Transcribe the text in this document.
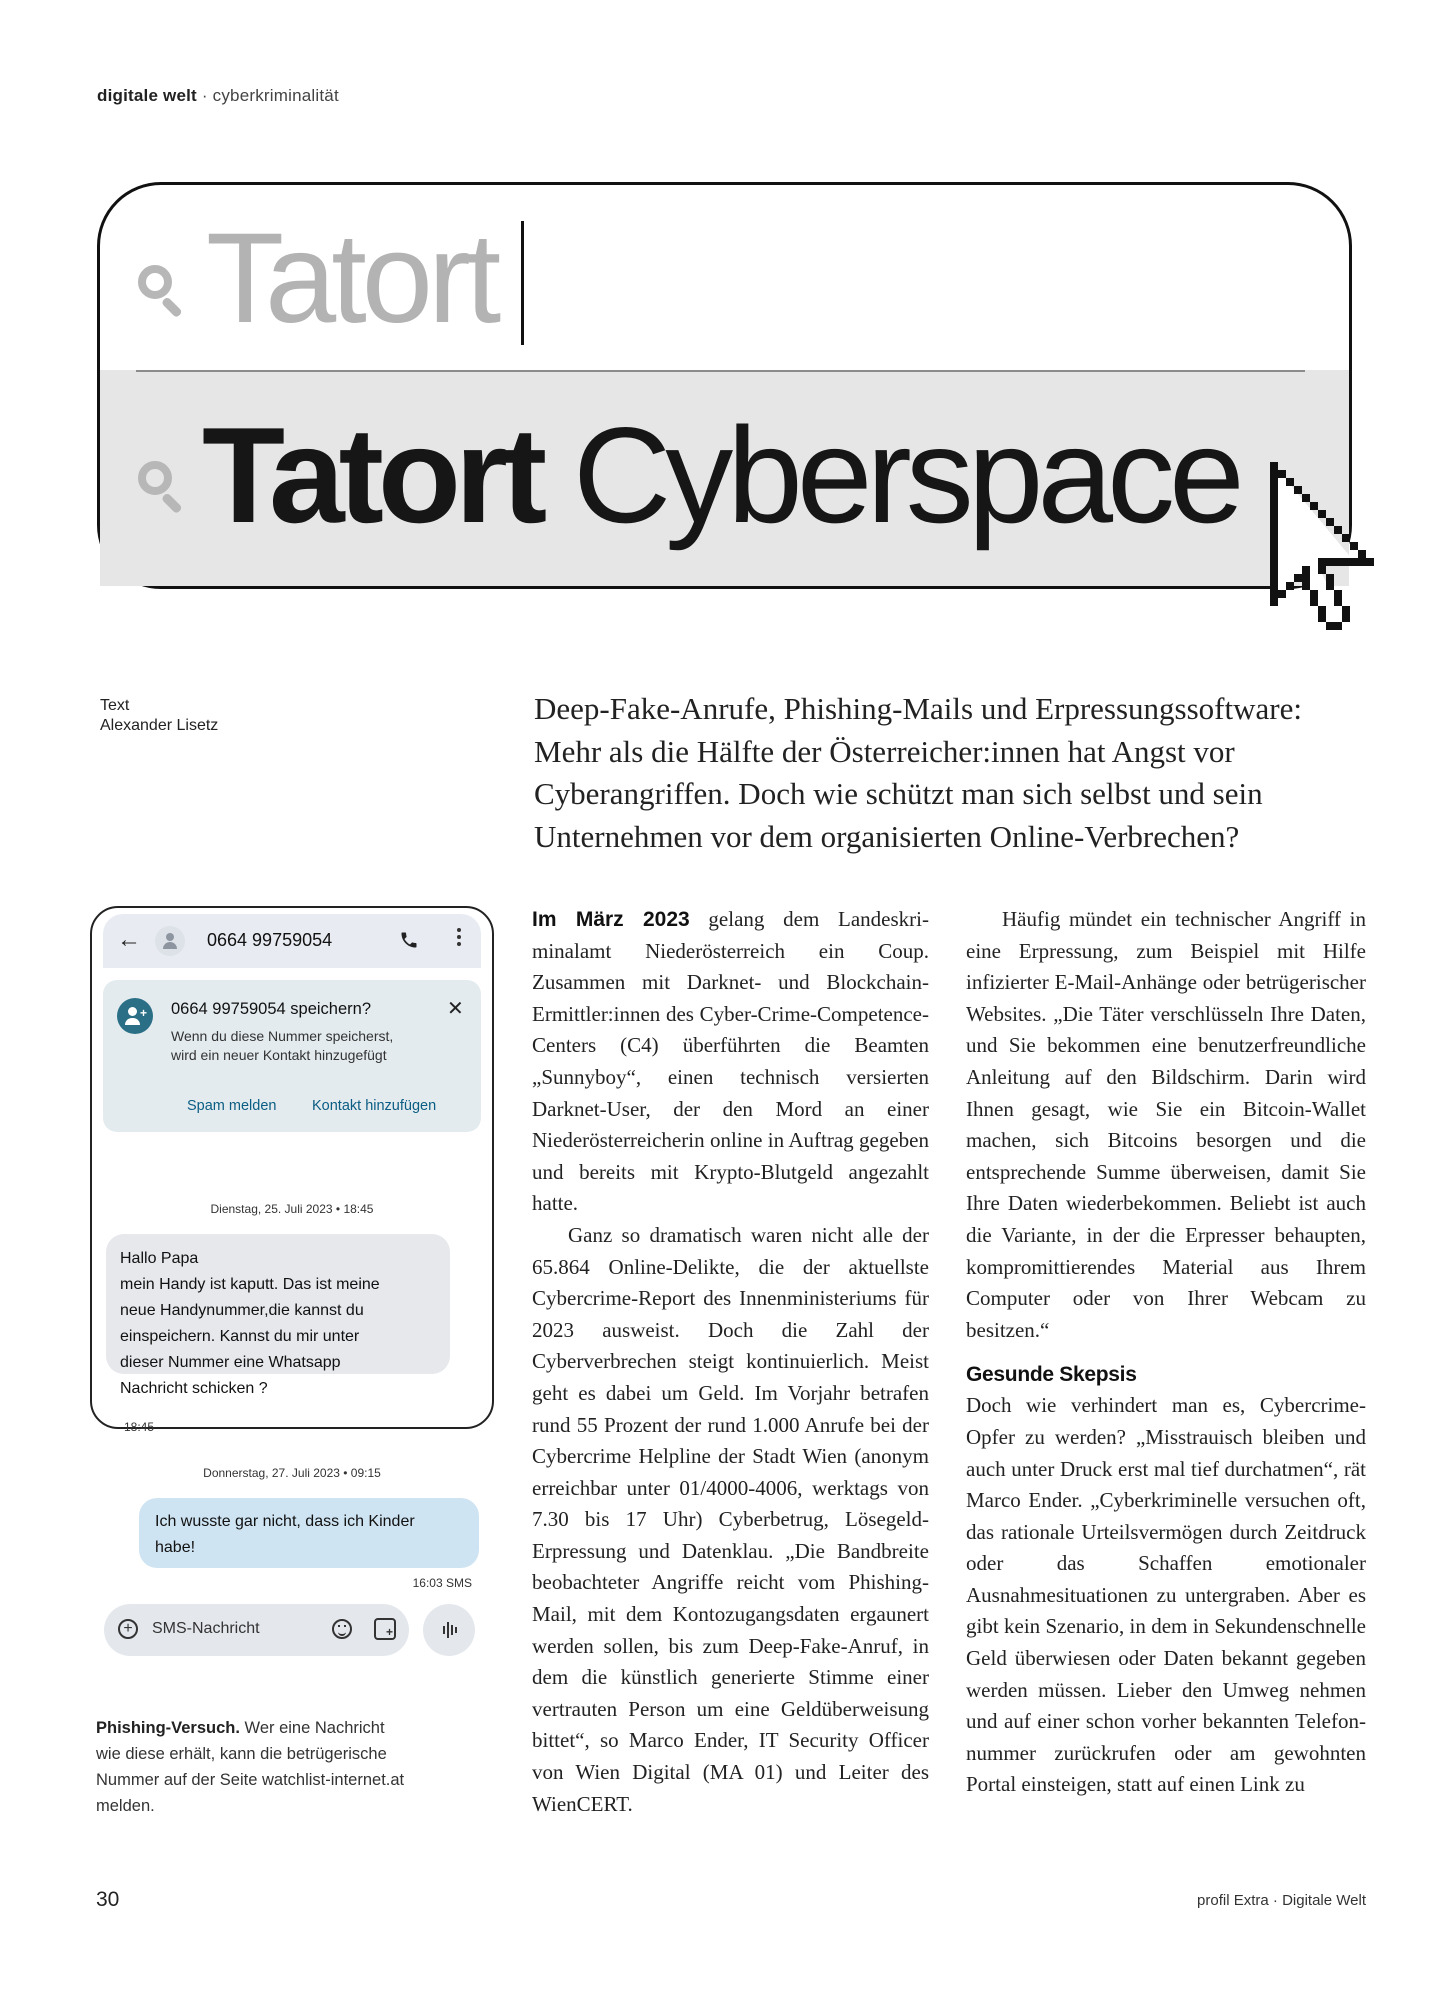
digitale welt · cyberkriminalität
Tatort
Tatort Cyberspace
Text
Alexander Lisetz	Deep-Fake-Anrufe, Phishing-Mails und Erpressungssoftware: Mehr als die Hälfte der Österreicher:innen hat Angst vor Cyberangriffen. Doch wie schützt man sich selbst und sein Unternehmen vor dem organisierten Online-Verbrechen?
←	0664 99759054
+ 0664 99759054 speichern?	✕
Wenn du diese Nummer speicherst,
wird ein neuer Kontakt hinzugefügt
Spam melden Kontakt hinzufügen
Dienstag, 25. Juli 2023 • 18:45
Hallo Papa
mein Handy ist kaputt. Das ist meine
neue Handynummer,die kannst du
einspeichern. Kannst du mir unter
dieser Nummer eine Whatsapp
Nachricht schicken ?
18:45
Donnerstag, 27. Juli 2023 • 09:15
Ich wusste gar nicht, dass ich Kinder
habe!
16:03 SMS
+	SMS-Nachricht
+
Phishing-Versuch. Wer eine Nachricht wie diese erhält, kann die betrügerische Nummer auf der Seite watchlist-internet.at melden.

Im März 2023 gelang dem Landeskriminalamt Niederösterreich ein Coup. Zusammen mit Darknet- und Blockchain-Ermittler:innen des Cyber-Crime-Competence-Centers (C4) überführten die Beamten „Sunnyboy“, einen technisch versierten Darknet-User, der den Mord an einer Niederösterreicherin online in Auftrag gegeben und bereits mit Krypto-Blutgeld angezahlt hatte.

Ganz so dramatisch waren nicht alle der 65.864 Online-Delikte, die der aktuellste Cybercrime-Report des Innenministeriums für 2023 ausweist. Doch die Zahl der Cyberverbrechen steigt kontinuierlich. Meist geht es dabei um Geld. Im Vorjahr betrafen rund 55 Prozent der rund 1.000 Anrufe bei der Cybercrime Helpline der Stadt Wien (anonym erreichbar unter 01/4000-4006, werktags von 7.30 bis 17 Uhr) Cyberbetrug, Lösegeld-Erpressung und Datenklau. „Die Bandbreite beobachteter Angriffe reicht vom Phishing-Mail, mit dem Kontozugangsdaten ergaunert werden sollen, bis zum Deep-Fake-Anruf, in dem die künstlich generierte Stimme einer vertrauten Person um eine Geldüberweisung bittet“, so Marco Ender, IT Security Officer von Wien Digital (MA 01) und Leiter des WienCERT.

Häufig mündet ein technischer Angriff in eine Erpressung, zum Beispiel mit Hilfe infizierter E-Mail-Anhänge oder betrügerischer Websites. „Die Täter verschlüsseln Ihre Daten, und Sie bekommen eine benutzerfreundliche Anleitung auf den Bildschirm. Darin wird Ihnen gesagt, wie Sie ein Bitcoin-Wallet machen, sich Bitcoins besorgen und die entsprechende Summe überweisen, damit Sie Ihre Daten wiederbekommen. Beliebt ist auch die Variante, in der die Erpresser behaupten, kompromittierendes Material aus Ihrem Computer oder von Ihrer Webcam zu besitzen.“

Gesunde Skepsis
Doch wie verhindert man es, Cybercrime-Opfer zu werden? „Misstrauisch bleiben und auch unter Druck erst mal tief durchatmen“, rät Marco Ender. „Cyberkriminelle versuchen oft, das rationale Urteilsvermögen durch Zeitdruck oder das Schaffen emotionaler Ausnahmesituationen zu untergraben. Aber es gibt kein Szenario, in dem in Sekundenschnelle Geld überwiesen oder Daten bekannt gegeben werden müssen. Lieber den Umweg nehmen und auf einer schon vorher bekannten Telefonnummer zurückrufen oder am gewohnten Portal einsteigen, statt auf einen Link zu
30	profil Extra · Digitale Welt
